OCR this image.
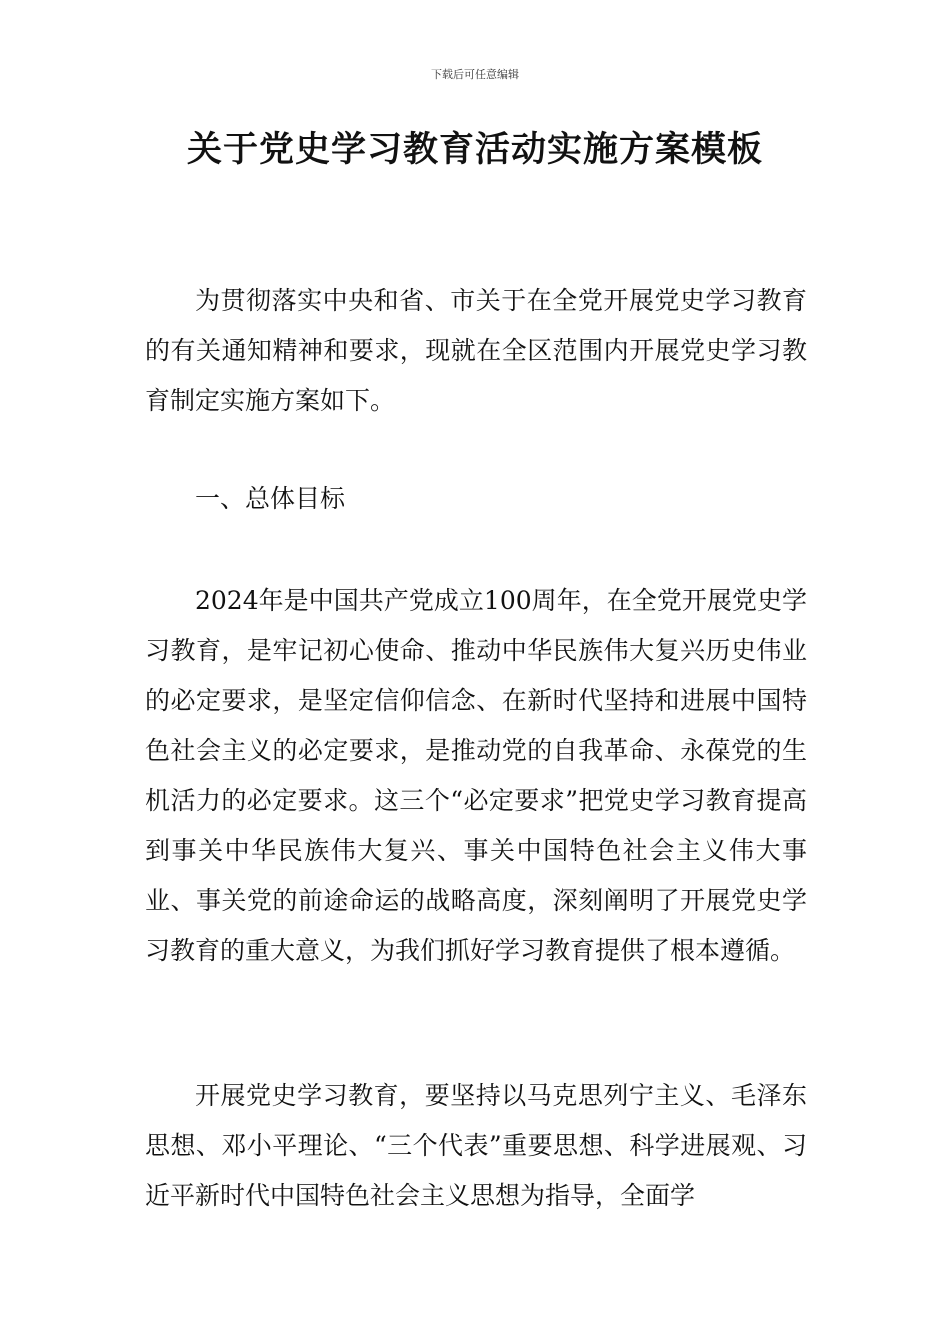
下载后可任意编辑
关于党史学习教育活动实施方案模板

为贯彻落实中央和省、市关于在全党开展党史学习教育的有关通知精神和要求，现就在全区范围内开展党史学习教育制定实施方案如下。

一、总体目标

2024年是中国共产党成立100周年，在全党开展党史学习教育，是牢记初心使命、推动中华民族伟大复兴历史伟业的必定要求，是坚定信仰信念、在新时代坚持和进展中国特色社会主义的必定要求，是推动党的自我革命、永葆党的生机活力的必定要求。这三个“必定要求”把党史学习教育提高到事关中华民族伟大复兴、事关中国特色社会主义伟大事业、事关党的前途命运的战略高度，深刻阐明了开展党史学习教育的重大意义，为我们抓好学习教育提供了根本遵循。

开展党史学习教育，要坚持以马克思列宁主义、毛泽东思想、邓小平理论、“三个代表”重要思想、科学进展观、习近平新时代中国特色社会主义思想为指导，全面学
